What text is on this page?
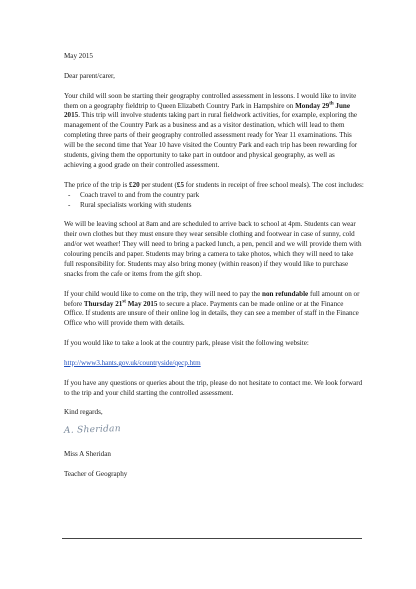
May 2015

Dear parent/carer,

Your child will soon be starting their geography controlled assessment in lessons. I would like to invite them on a geography fieldtrip to Queen Elizabeth Country Park in Hampshire on Monday 29th June 2015. This trip will involve students taking part in rural fieldwork activities, for example, exploring the management of the Country Park as a business and as a visitor destination, which will lead to them completing three parts of their geography controlled assessment ready for Year 11 examinations. This will be the second time that Year 10 have visited the Country Park and each trip has been rewarding for students, giving them the opportunity to take part in outdoor and physical geography, as well as achieving a good grade on their controlled assessment.

The price of the trip is £20 per student (£5 for students in receipt of free school meals). The cost includes:

- Coach travel to and from the country park
- Rural specialists working with students

We will be leaving school at 8am and are scheduled to arrive back to school at 4pm. Students can wear their own clothes but they must ensure they wear sensible clothing and footwear in case of sunny, cold and/or wet weather! They will need to bring a packed lunch, a pen, pencil and we will provide them with colouring pencils and paper. Students may bring a camera to take photos, which they will need to take full responsibility for. Students may also bring money (within reason) if they would like to purchase snacks from the cafe or items from the gift shop.

If your child would like to come on the trip, they will need to pay the non refundable full amount on or before Thursday 21st May 2015 to secure a place. Payments can be made online or at the Finance Office. If students are unsure of their online log in details, they can see a member of staff in the Finance Office who will provide them with details.

If you would like to take a look at the country park, please visit the following website:

http://www3.hants.gov.uk/countryside/qecp.htm

If you have any questions or queries about the trip, please do not hesitate to contact me. We look forward to the trip and your child starting the controlled assessment.

Kind regards,

A. Sheridan

Miss A Sheridan

Teacher of Geography
